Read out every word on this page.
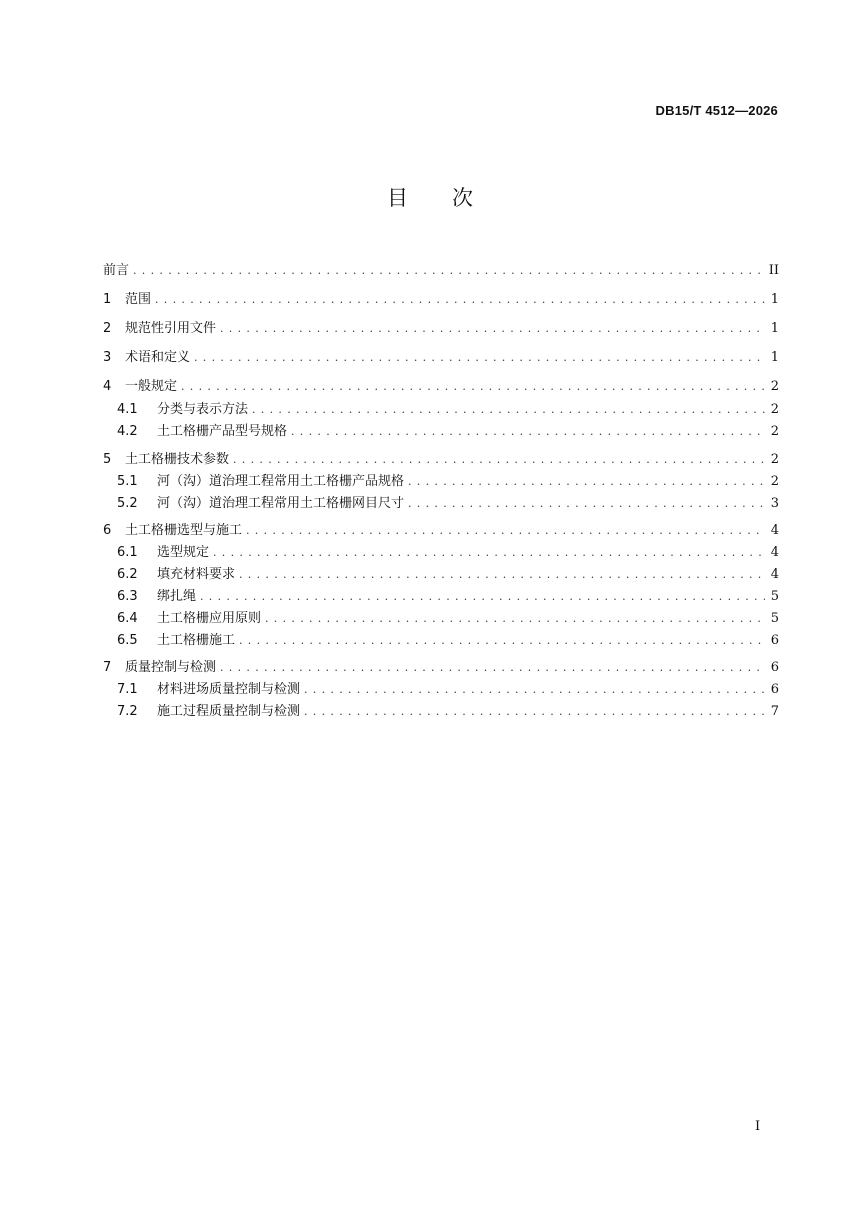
DB15/T 4512—2026
目 次
前言 . . .	II
1	范围 . . .	1
2	规范性引用文件 . . .	1
3	术语和定义 . . .	1
4	一般规定 . . .	2
4.1	分类与表示方法 . . .	2
4.2	土工格栅产品型号规格 . . .	2
5	土工格栅技术参数 . . .	2
5.1	河（沟）道治理工程常用土工格栅产品规格 . . .	2
5.2	河（沟）道治理工程常用土工格栅网目尺寸 . . .	3
6	土工格栅选型与施工 . . .	4
6.1	选型规定 . . .	4
6.2	填充材料要求 . . .	4
6.3	绑扎绳 . . .	5
6.4	土工格栅应用原则 . . .	5
6.5	土工格栅施工 . . .	6
7	质量控制与检测 . . .	6
7.1	材料进场质量控制与检测 . . .	6
7.2	施工过程质量控制与检测 . . .	7
I
